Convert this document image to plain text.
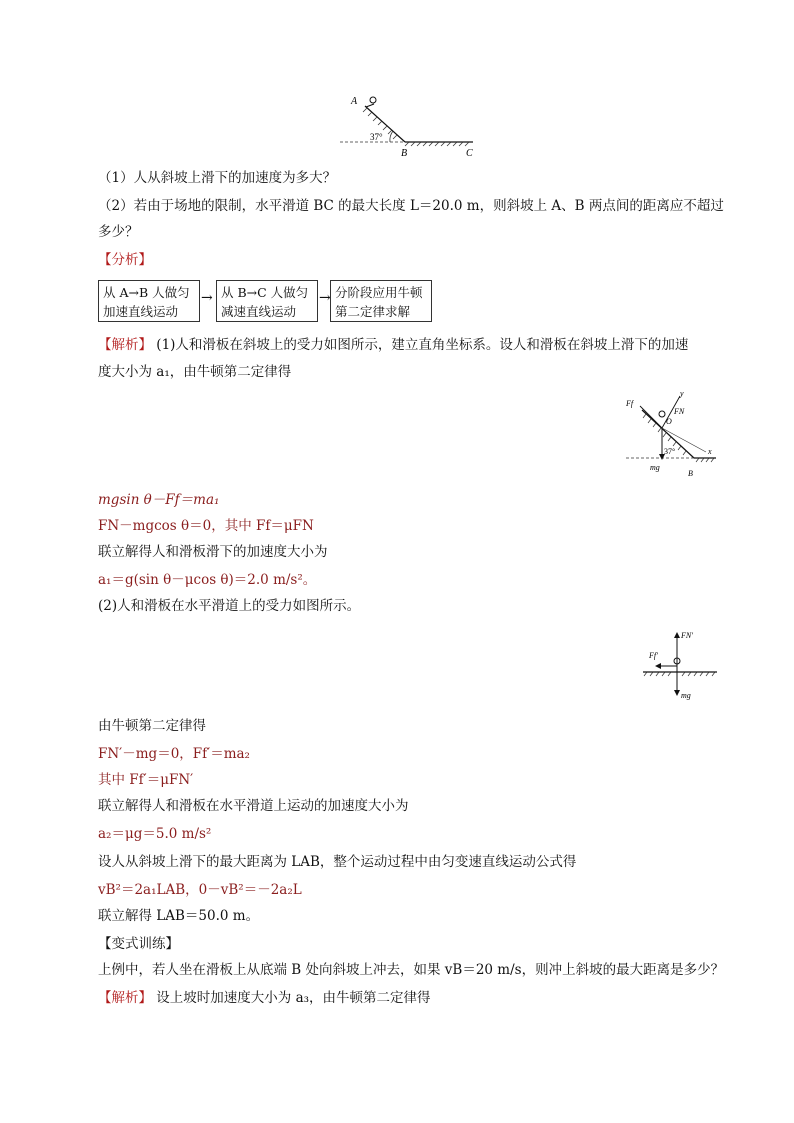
A
B	C
37°
（1）人从斜坡上滑下的加速度为多大？
（2）若由于场地的限制，水平滑道 BC 的最大长度 L＝20.0 m，则斜坡上 A、B 两点间的距离应不超过
多少？
【分析】
从 A→B 人做匀
加速直线运动
→ 从 B→C 人做匀
减速直线运动
→ 分阶段应用牛顿
第二定律求解
【解析】 (1)人和滑板在斜坡上的受力如图所示，建立直角坐标系。设人和滑板在斜坡上滑下的加速
度大小为 a₁，由牛顿第二定律得
Ff
FN
y
O
37°	x
mg
B
mgsin θ－Ff＝ma₁
FN－mgcos θ＝0，其中 Ff＝μFN
联立解得人和滑板滑下的加速度大小为
a₁＝g(sin θ－μcos θ)＝2.0 m/s²。
(2)人和滑板在水平滑道上的受力如图所示。
FN′
Ff′
mg
由牛顿第二定律得
FN′－mg＝0，Ff′＝ma₂
其中 Ff′＝μFN′
联立解得人和滑板在水平滑道上运动的加速度大小为
a₂＝μg＝5.0 m/s²
设人从斜坡上滑下的最大距离为 LAB，整个运动过程中由匀变速直线运动公式得
vB²＝2a₁LAB，0－vB²＝－2a₂L
联立解得 LAB＝50.0 m。
【变式训练】
上例中，若人坐在滑板上从底端 B 处向斜坡上冲去，如果 vB＝20 m/s，则冲上斜坡的最大距离是多少？
【解析】 设上坡时加速度大小为 a₃，由牛顿第二定律得
